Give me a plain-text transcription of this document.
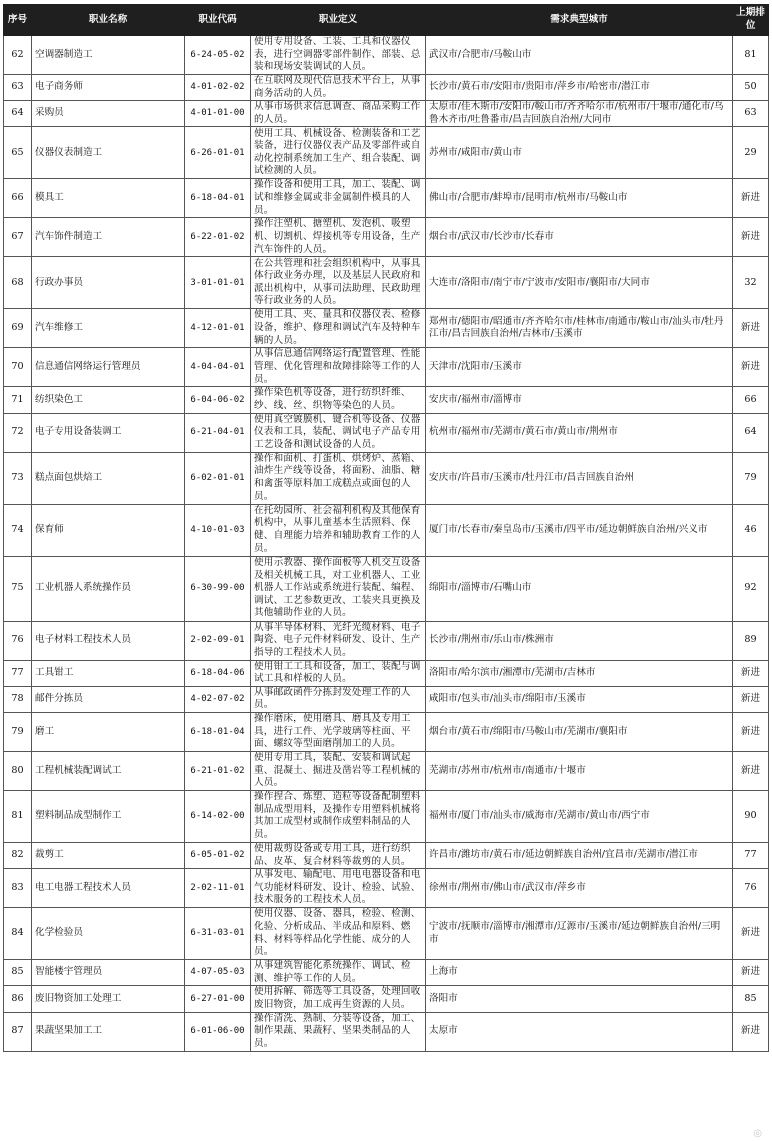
序号	职业名称	职业代码	职业定义	需求典型城市	上期排位
62	空调器制造工	6-24-05-02	使用专用设备、工装、工具和仪器仪表，进行空调器零部件制作、部装、总装和现场安装调试的人员。	武汉市/合肥市/马鞍山市	81
63	电子商务师	4-01-02-02	在互联网及现代信息技术平台上，从事商务活动的人员。	长沙市/黄石市/安阳市/贵阳市/萍乡市/哈密市/潜江市	50
64	采购员	4-01-01-00	从事市场供求信息调查、商品采购工作的人员。	太原市/佳木斯市/安阳市/鞍山市/齐齐哈尔市/杭州市/十堰市/通化市/乌鲁木齐市/吐鲁番市/昌吉回族自治州/大同市	63
65	仪器仪表制造工	6-26-01-01	使用工具、机械设备、检测装备和工艺装备，进行仪器仪表产品及零部件或自动化控制系统加工生产、组合装配、调试检测的人员。	苏州市/咸阳市/黄山市	29
66	模具工	6-18-04-01	操作设备和使用工具，加工、装配、调试和维修金属或非金属制件模具的人员。	佛山市/合肥市/蚌埠市/昆明市/杭州市/马鞍山市	新进
67	汽车饰件制造工	6-22-01-02	操作注塑机、搪塑机、发泡机、吸塑机、切割机、焊接机等专用设备，生产汽车饰件的人员。	烟台市/武汉市/长沙市/长春市	新进
68	行政办事员	3-01-01-01	在公共管理和社会组织机构中，从事具体行政业务办理，以及基层人民政府和派出机构中，从事司法助理、民政助理等行政业务的人员。	大连市/洛阳市/南宁市/宁波市/安阳市/襄阳市/大同市	32
69	汽车维修工	4-12-01-01	使用工具、夹、量具和仪器仪表、检修设备，维护、修理和调试汽车及特种车辆的人员。	郑州市/德阳市/昭通市/齐齐哈尔市/桂林市/南通市/鞍山市/汕头市/牡丹江市/昌吉回族自治州/吉林市/玉溪市	新进
70	信息通信网络运行管理员	4-04-04-01	从事信息通信网络运行配置管理、性能管理、优化管理和故障排除等工作的人员。	天津市/沈阳市/玉溪市	新进
71	纺织染色工	6-04-06-02	操作染色机等设备，进行纺织纤维、纱、线、丝、织物等染色的人员。	安庆市/福州市/淄博市	66
72	电子专用设备装调工	6-21-04-01	使用真空镀膜机、键合机等设备、仪器仪表和工具，装配、调试电子产品专用工艺设备和测试设备的人员。	杭州市/福州市/芜湖市/黄石市/黄山市/荆州市	64
73	糕点面包烘焙工	6-02-01-01	操作和面机、打蛋机、烘烤炉、蒸箱、油炸生产线等设备，将面粉、油脂、糖和禽蛋等原料加工成糕点或面包的人员。	安庆市/许昌市/玉溪市/牡丹江市/昌吉回族自治州	79
74	保育师	4-10-01-03	在托幼园所、社会福利机构及其他保育机构中，从事儿童基本生活照料、保健、自理能力培养和辅助教育工作的人员。	厦门市/长春市/秦皇岛市/玉溪市/四平市/延边朝鲜族自治州/兴义市	46
75	工业机器人系统操作员	6-30-99-00	使用示教器、操作面板等人机交互设备及相关机械工具，对工业机器人、工业机器人工作站或系统进行装配、编程、调试、工艺参数更改、工装夹具更换及其他辅助作业的人员。	绵阳市/淄博市/石嘴山市	92
76	电子材料工程技术人员	2-02-09-01	从事半导体材料、光纤光缆材料、电子陶瓷、电子元件材料研发、设计、生产指导的工程技术人员。	长沙市/荆州市/乐山市/株洲市	89
77	工具钳工	6-18-04-06	使用钳工工具和设备，加工、装配与调试工具和样板的人员。	洛阳市/哈尔滨市/湘潭市/芜湖市/吉林市	新进
78	邮件分拣员	4-02-07-02	从事邮政函件分拣封发处理工作的人员。	咸阳市/包头市/汕头市/绵阳市/玉溪市	新进
79	磨工	6-18-01-04	操作磨床，使用磨具、磨具及专用工具，进行工件、光学玻璃等柱面、平面、螺纹等型面磨削加工的人员。	烟台市/黄石市/绵阳市/马鞍山市/芜湖市/襄阳市	新进
80	工程机械装配调试工	6-21-01-02	使用专用工具，装配、安装和调试起重、混凝土、掘进及凿岩等工程机械的人员。	芜湖市/苏州市/杭州市/南通市/十堰市	新进
81	塑料制品成型制作工	6-14-02-00	操作捏合、炼塑、造粒等设备配制塑料制品成型用料，及操作专用塑料机械将其加工成型材或制作成塑料制品的人员。	福州市/厦门市/汕头市/威海市/芜湖市/黄山市/西宁市	90
82	裁剪工	6-05-01-02	使用裁剪设备或专用工具，进行纺织品、皮革、复合材料等裁剪的人员。	许昌市/潍坊市/黄石市/延边朝鲜族自治州/宜昌市/芜湖市/潜江市	77
83	电工电器工程技术人员	2-02-11-01	从事发电、输配电、用电电器设备和电气功能材料研发、设计、检验、试验、技术服务的工程技术人员。	徐州市/荆州市/佛山市/武汉市/萍乡市	76
84	化学检验员	6-31-03-01	使用仪器、设备、器具，检验、检测、化验、分析成品、半成品和原料、燃料、材料等样品化学性能、成分的人员。	宁波市/抚顺市/淄博市/湘潭市/辽源市/玉溪市/延边朝鲜族自治州/三明市	新进
85	智能楼宇管理员	4-07-05-03	从事建筑智能化系统操作、调试、检测、维护等工作的人员。	上海市	新进
86	废旧物资加工处理工	6-27-01-00	使用拆解、筛选等工具设备，处理回收废旧物资，加工成再生资源的人员。	洛阳市	85
87	果蔬坚果加工工	6-01-06-00	操作清洗、熟制、分装等设备，加工、制作果蔬、果蔬籽、坚果类制品的人员。	太原市	新进
◎
